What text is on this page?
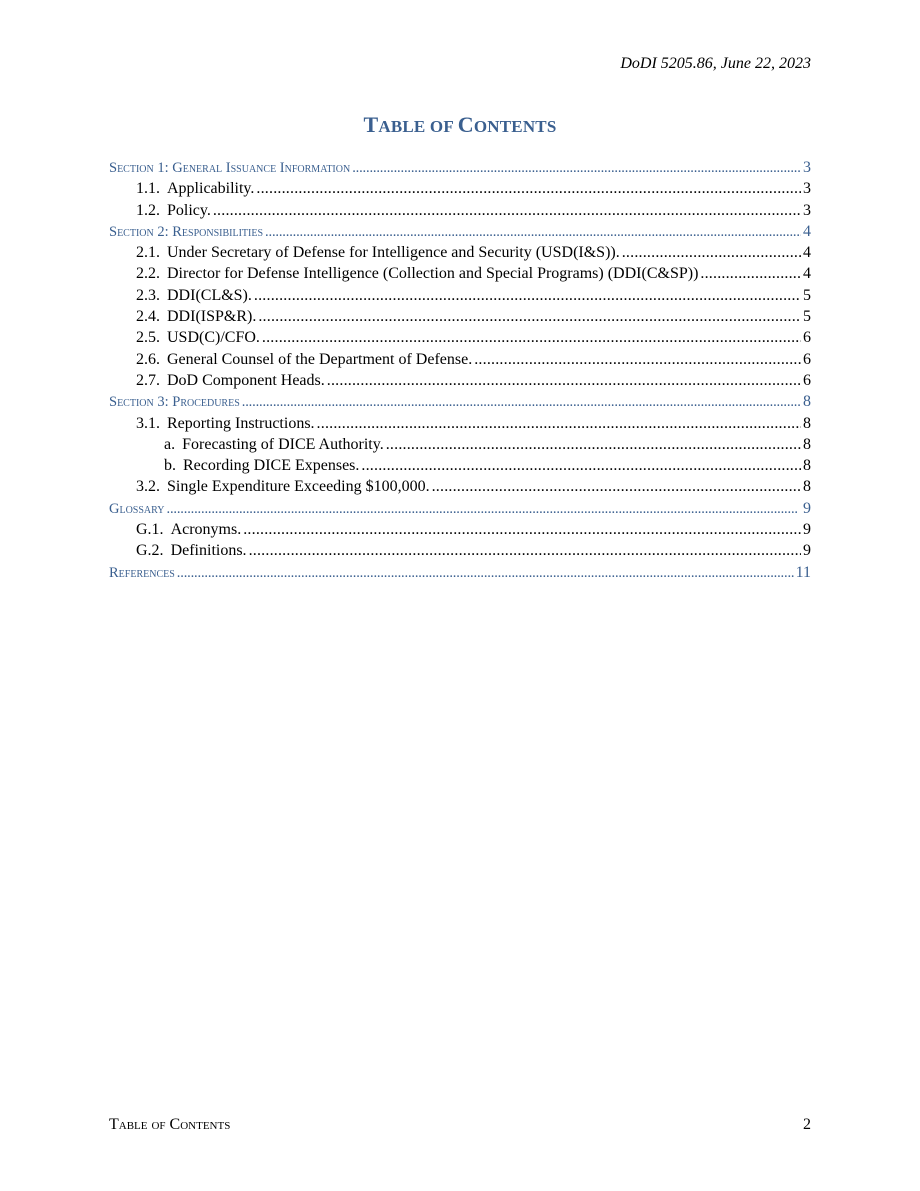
DoDI 5205.86, June 22, 2023
TABLE OF CONTENTS
Section 1: General Issuance Information . . .	3
1.1. Applicability. . . .	3
1.2. Policy. . . .	3
Section 2: Responsibilities . . .	4
2.1. Under Secretary of Defense for Intelligence and Security (USD(I&S)). . . .	4
2.2. Director for Defense Intelligence (Collection and Special Programs) (DDI(C&SP)) . . .	4
2.3. DDI(CL&S). . . .	5
2.4. DDI(ISP&R). . . .	5
2.5. USD(C)/CFO. . . .	6
2.6. General Counsel of the Department of Defense. . . .	6
2.7. DoD Component Heads. . . .	6
Section 3: Procedures . . .	8
3.1. Reporting Instructions. . . .	8
a. Forecasting of DICE Authority. . . .	8
b. Recording DICE Expenses. . . .	8
3.2. Single Expenditure Exceeding $100,000. . . .	8
Glossary . . .	9
G.1. Acronyms. . . .	9
G.2. Definitions. . . .	9
References . . .	11
Table of Contents	2
